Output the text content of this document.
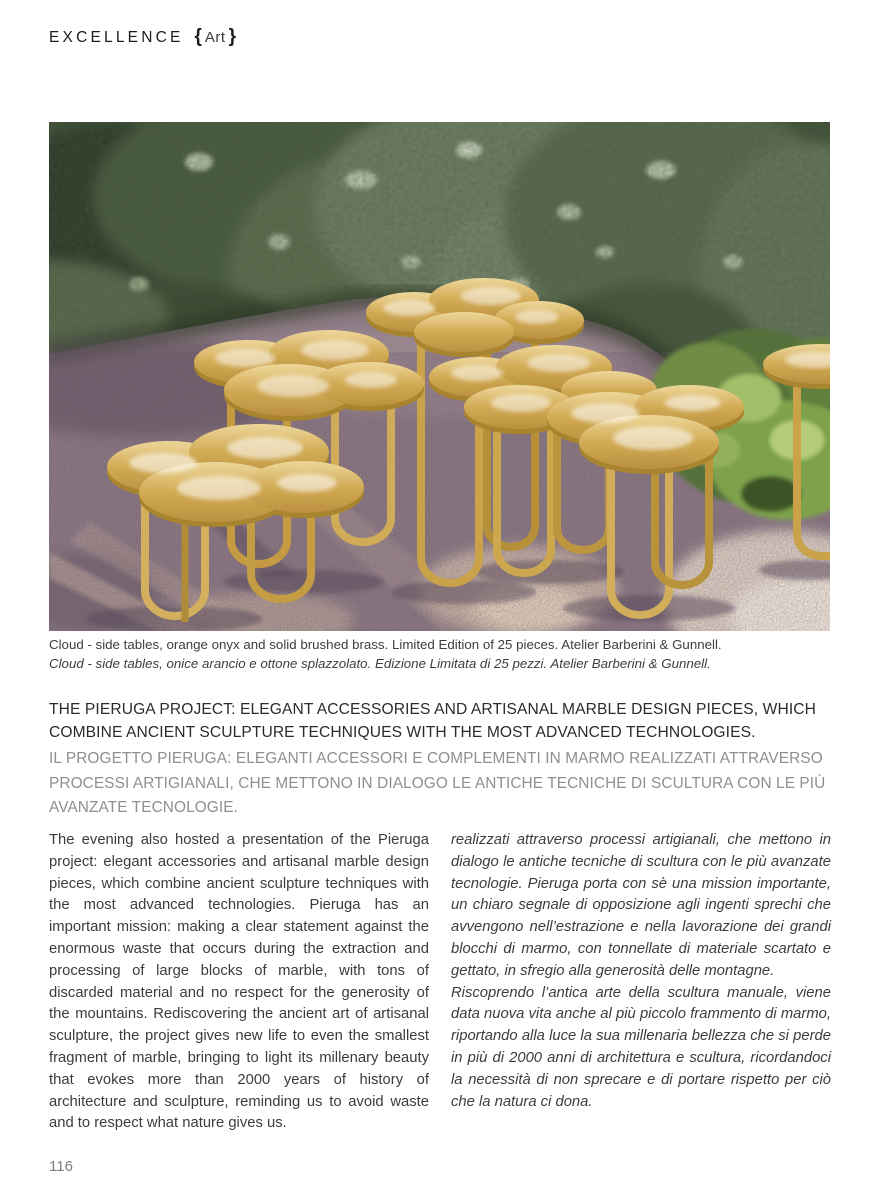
EXCELLENCE { Art }
Cloud - side tables, orange onyx and solid brushed brass. Limited Edition of 25 pieces. Atelier Barberini & Gunnell.
Cloud - side tables, onice arancio e ottone splazzolato. Edizione Limitata di 25 pezzi. Atelier Barberini & Gunnell.
THE PIERUGA PROJECT: ELEGANT ACCESSORIES AND ARTISANAL MARBLE DESIGN PIECES, WHICH COMBINE ANCIENT SCULPTURE TECHNIQUES WITH THE MOST ADVANCED TECHNOLOGIES.
IL PROGETTO PIERUGA: ELEGANTI ACCESSORI E COMPLEMENTI IN MARMO REALIZZATI ATTRAVERSO PROCESSI ARTIGIANALI, CHE METTONO IN DIALOGO LE ANTICHE TECNICHE DI SCULTURA CON LE PIÙ AVANZATE TECNOLOGIE.

The evening also hosted a presentation of the Pieruga project: elegant accessories and artisanal marble design pieces, which combine ancient sculpture techniques with the most advanced technologies. Pieruga has an important mission: making a clear statement against the enormous waste that occurs during the extraction and processing of large blocks of marble, with tons of discarded material and no respect for the generosity of the mountains. Rediscovering the ancient art of artisanal sculpture, the project gives new life to even the smallest fragment of marble, bringing to light its millenary beauty that evokes more than 2000 years of history of architecture and sculpture, reminding us to avoid waste and to respect what nature gives us.

realizzati attraverso processi artigianali, che mettono in dialogo le antiche tecniche di scultura con le più avanzate tecnologie. Pieruga porta con sè una mission importante, un chiaro segnale di opposizione agli ingenti sprechi che avvengono nell’estrazione e nella lavorazione dei grandi blocchi di marmo, con tonnellate di materiale scartato e gettato, in sfregio alla generosità delle montagne.

Riscoprendo l’antica arte della scultura manuale, viene data nuova vita anche al più piccolo frammento di marmo, riportando alla luce la sua millenaria bellezza che si perde in più di 2000 anni di architettura e scultura, ricordandoci la necessità di non sprecare e di portare rispetto per ciò che la natura ci dona.

116
